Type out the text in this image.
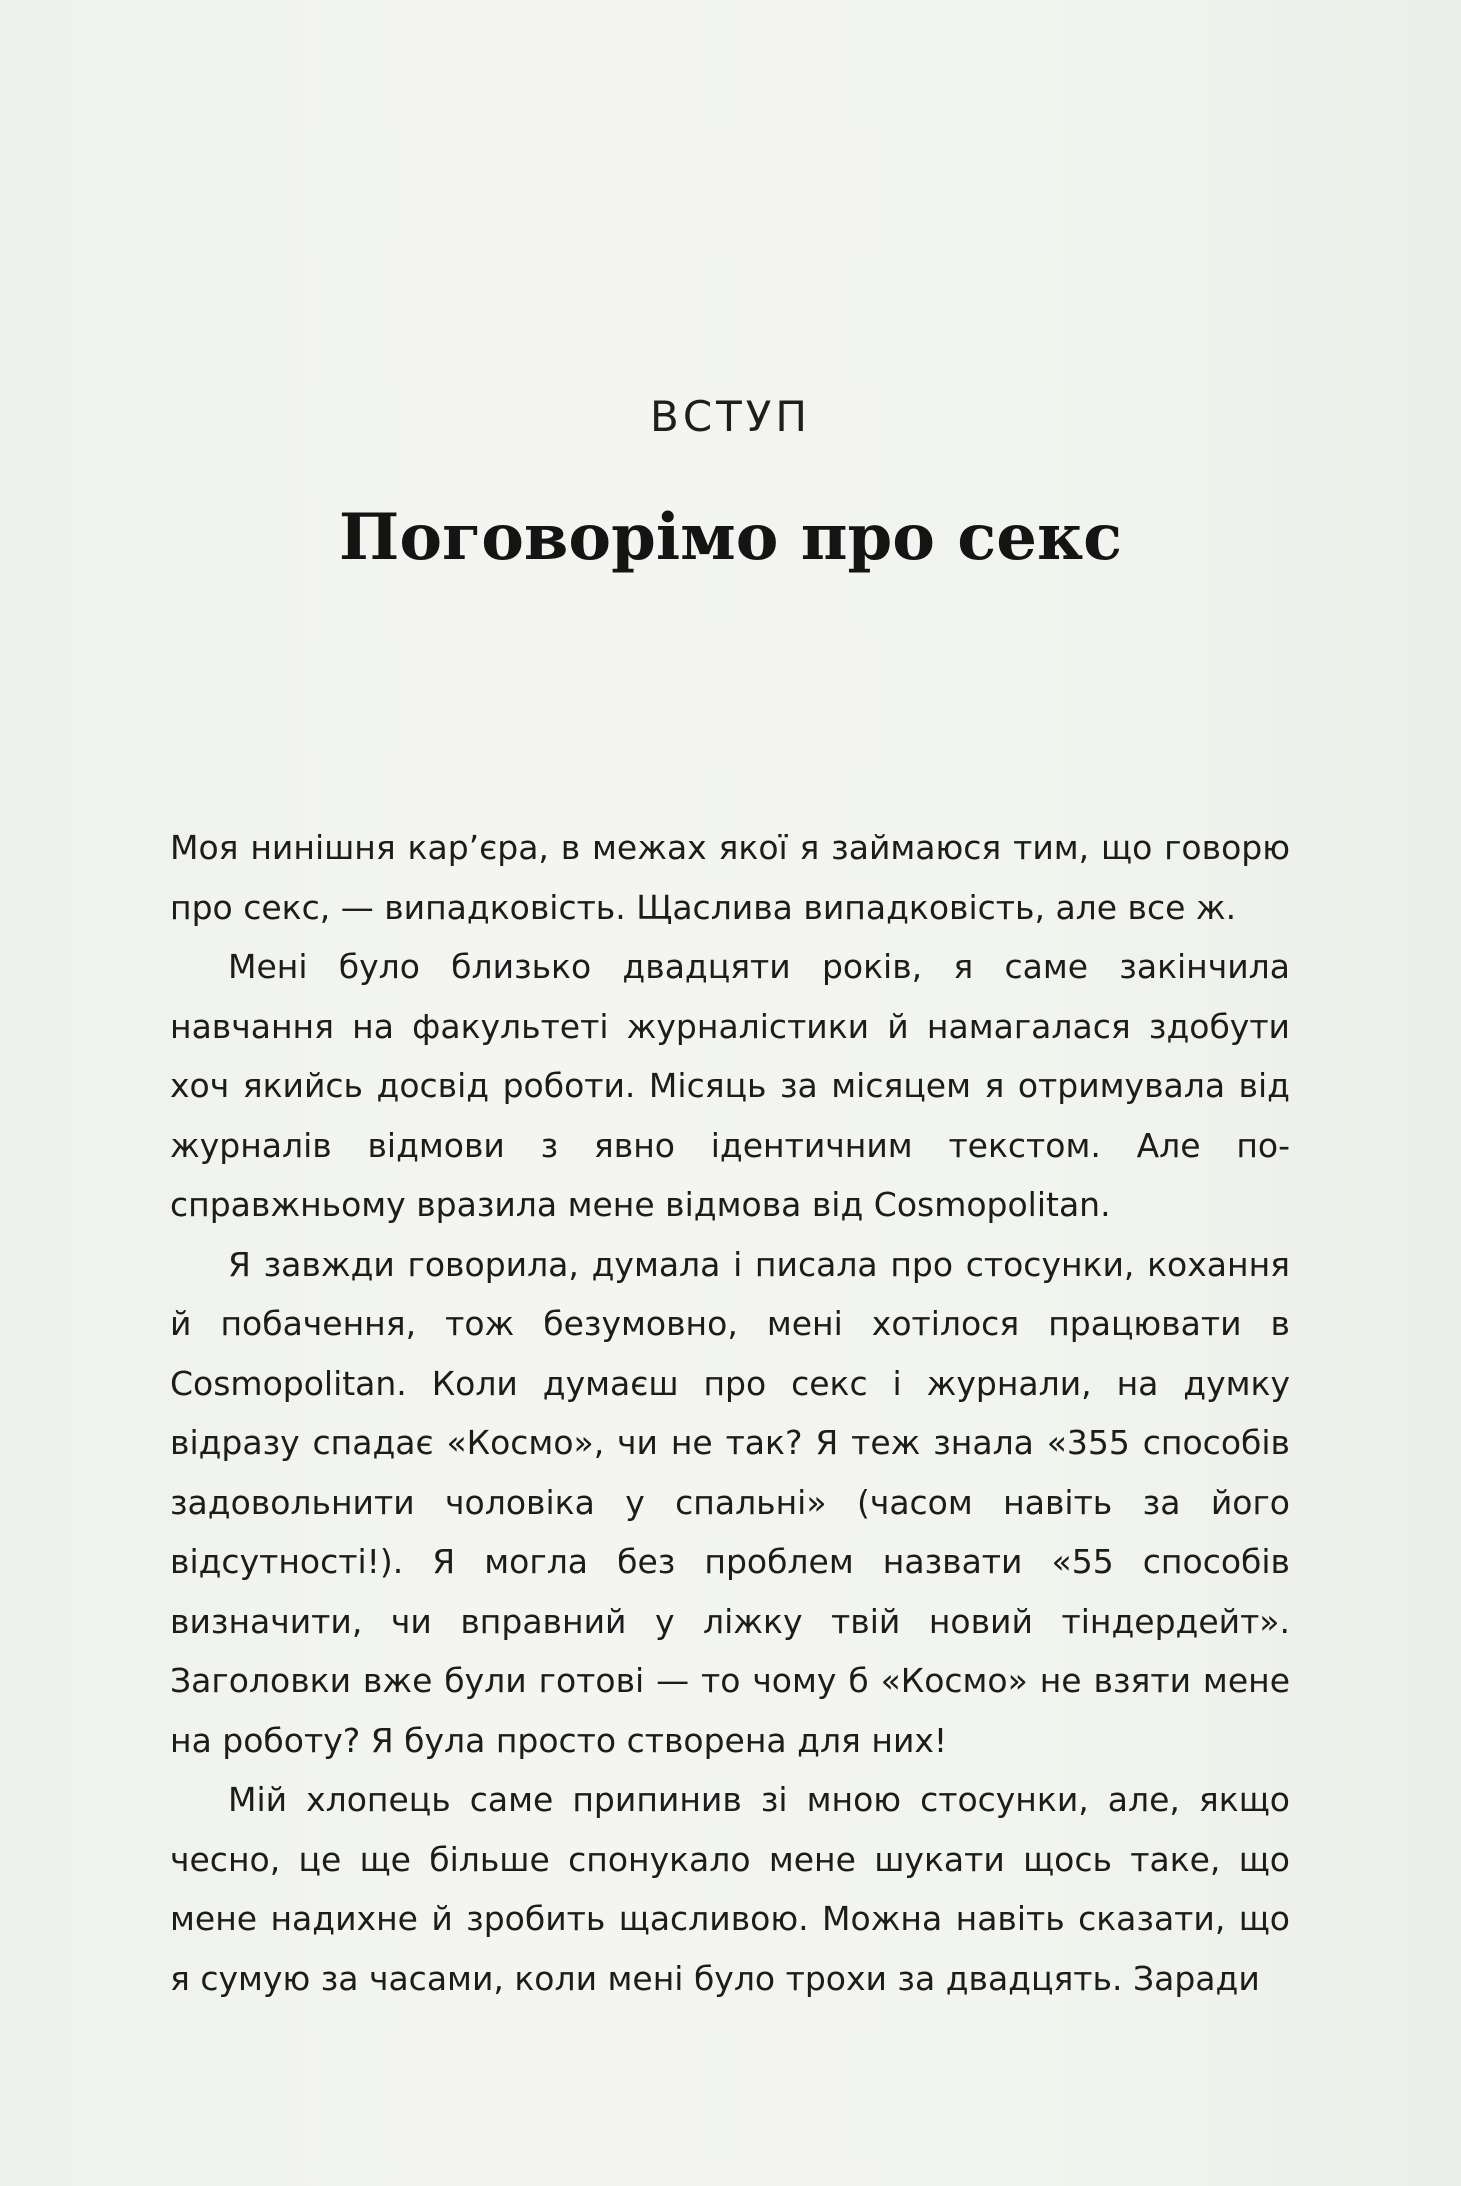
ВСТУП
Поговорімо про секс

Моя нинішня кар’єра, в межах якої я займаюся тим, що говорю про секс, — випадковість. Щаслива випадковість, але все ж.

Мені було близько двадцяти років, я саме закінчила навчання на факультеті журналістики й намагалася здобути хоч якийсь досвід роботи. Місяць за місяцем я отримувала від журналів відмови з явно ідентичним текстом. Але по-справжньому вразила мене відмова від Cosmopolitan.

Я завжди говорила, думала і писала про стосунки, кохання й побачення, тож безумовно, мені хотілося працювати в Cosmopolitan. Коли думаєш про секс і журнали, на думку відразу спадає «Космо», чи не так? Я теж знала «355 способів задовольнити чоловіка у спальні» (часом навіть за його відсутності!). Я могла без проблем назвати «55 способів визначити, чи вправний у ліжку твій новий тіндердейт». Заголовки вже були готові — то чому б «Космо» не взяти мене на роботу? Я була просто створена для них!

Мій хлопець саме припинив зі мною стосунки, але, якщо чесно, це ще більше спонукало мене шукати щось таке, що мене надихне й зробить щасливою. Можна навіть сказати, що я сумую за часами, коли мені було трохи за двадцять. Заради
